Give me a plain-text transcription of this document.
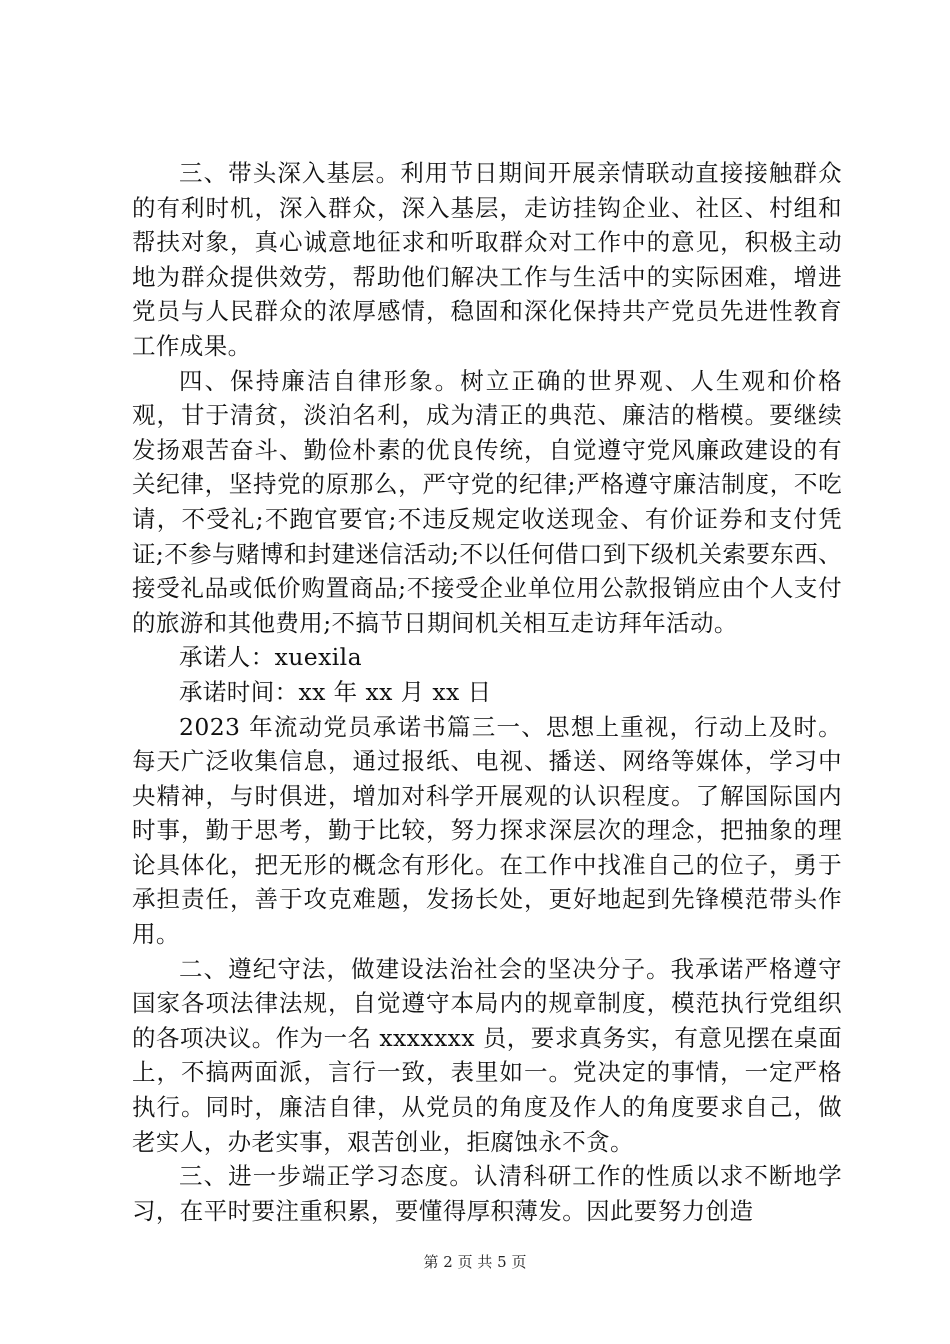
三、带头深入基层。利用节日期间开展亲情联动直接接触群众的有利时机，深入群众，深入基层，走访挂钩企业、社区、村组和帮扶对象，真心诚意地征求和听取群众对工作中的意见，积极主动地为群众提供效劳，帮助他们解决工作与生活中的实际困难，增进党员与人民群众的浓厚感情，稳固和深化保持共产党员先进性教育工作成果。

四、保持廉洁自律形象。树立正确的世界观、人生观和价格观，甘于清贫，淡泊名利，成为清正的典范、廉洁的楷模。要继续发扬艰苦奋斗、勤俭朴素的优良传统，自觉遵守党风廉政建设的有关纪律，坚持党的原那么，严守党的纪律;严格遵守廉洁制度，不吃请，不受礼;不跑官要官;不违反规定收送现金、有价证券和支付凭证;不参与赌博和封建迷信活动;不以任何借口到下级机关索要东西、接受礼品或低价购置商品;不接受企业单位用公款报销应由个人支付的旅游和其他费用;不搞节日期间机关相互走访拜年活动。

承诺人：xuexila

承诺时间：xx 年 xx 月 xx 日

2023 年流动党员承诺书篇三一、思想上重视，行动上及时。每天广泛收集信息，通过报纸、电视、播送、网络等媒体，学习中央精神，与时俱进，增加对科学开展观的认识程度。了解国际国内时事，勤于思考，勤于比较，努力探求深层次的理念，把抽象的理论具体化，把无形的概念有形化。在工作中找准自己的位子，勇于承担责任，善于攻克难题，发扬长处，更好地起到先锋模范带头作用。

二、遵纪守法，做建设法治社会的坚决分子。我承诺严格遵守国家各项法律法规，自觉遵守本局内的规章制度，模范执行党组织的各项决议。作为一名 xxxxxxx 员，要求真务实，有意见摆在桌面上，不搞两面派，言行一致，表里如一。党决定的事情，一定严格执行。同时，廉洁自律，从党员的角度及作人的角度要求自己，做老实人，办老实事，艰苦创业，拒腐蚀永不贪。

三、进一步端正学习态度。认清科研工作的性质以求不断地学习，在平时要注重积累，要懂得厚积薄发。因此要努力创造

第 2 页 共 5 页
